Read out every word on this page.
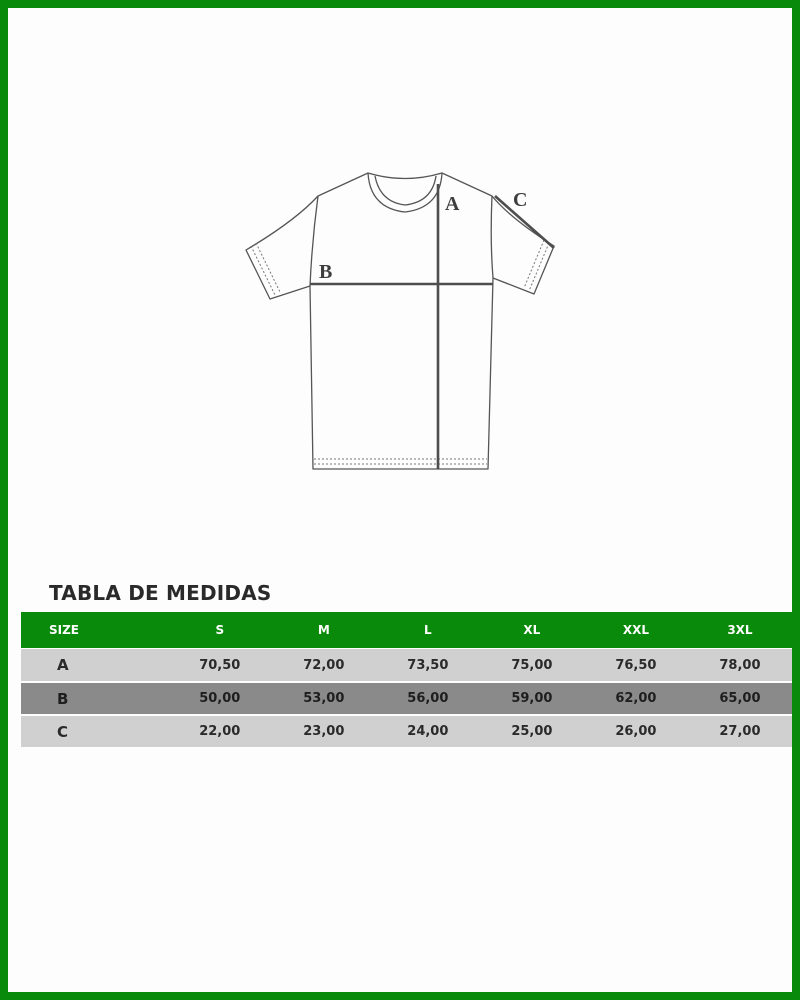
A
B
C
TABLA DE MEDIDAS
SIZE	S	M	L	XL	XXL	3XL
A	70,50	72,00	73,50	75,00	76,50	78,00
B	50,00	53,00	56,00	59,00	62,00	65,00
C	22,00	23,00	24,00	25,00	26,00	27,00
